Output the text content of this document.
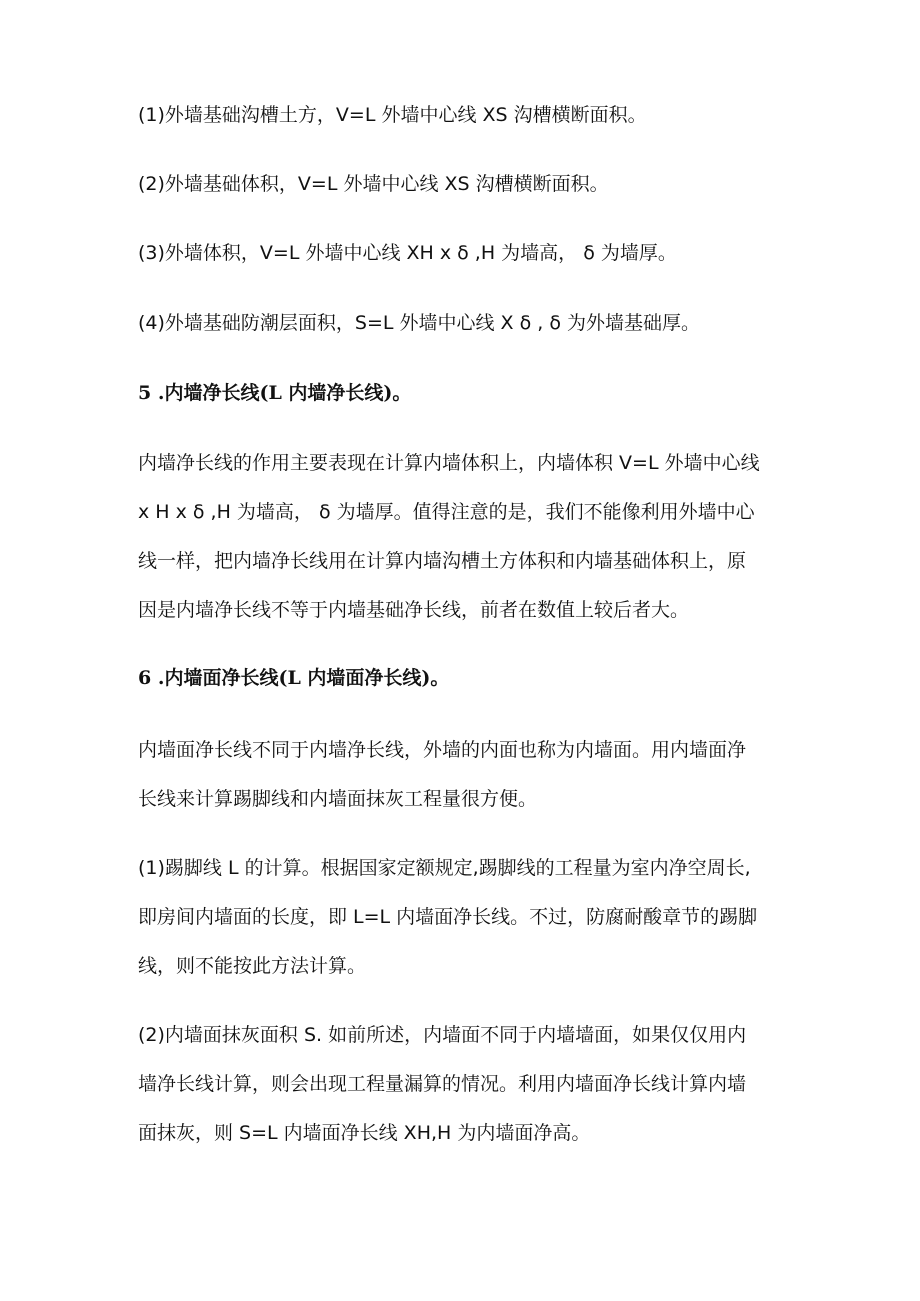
(1)外墙基础沟槽土方，V=L 外墙中心线 XS 沟槽横断面积。
(2)外墙基础体积，V=L 外墙中心线 XS 沟槽横断面积。
(3)外墙体积，V=L 外墙中心线 XH x δ ,H 为墙高， δ 为墙厚。
(4)外墙基础防潮层面积，S=L 外墙中心线 X δ , δ 为外墙基础厚。
5 .内墙净长线(L 内墙净长线)。
内墙净长线的作用主要表现在计算内墙体积上，内墙体积 V=L 外墙中心线
x H x δ ,H 为墙高， δ 为墙厚。值得注意的是，我们不能像利用外墙中心
线一样，把内墙净长线用在计算内墙沟槽土方体积和内墙基础体积上，原
因是内墙净长线不等于内墙基础净长线，前者在数值上较后者大。
6 .内墙面净长线(L 内墙面净长线)。
内墙面净长线不同于内墙净长线，外墙的内面也称为内墙面。用内墙面净
长线来计算踢脚线和内墙面抹灰工程量很方便。
(1)踢脚线 L 的计算。根据国家定额规定,踢脚线的工程量为室内净空周长,
即房间内墙面的长度，即 L=L 内墙面净长线。不过，防腐耐酸章节的踢脚
线，则不能按此方法计算。
(2)内墙面抹灰面积 S. 如前所述，内墙面不同于内墙墙面，如果仅仅用内
墙净长线计算，则会出现工程量漏算的情况。利用内墙面净长线计算内墙
面抹灰，则 S=L 内墙面净长线 XH,H 为内墙面净高。
